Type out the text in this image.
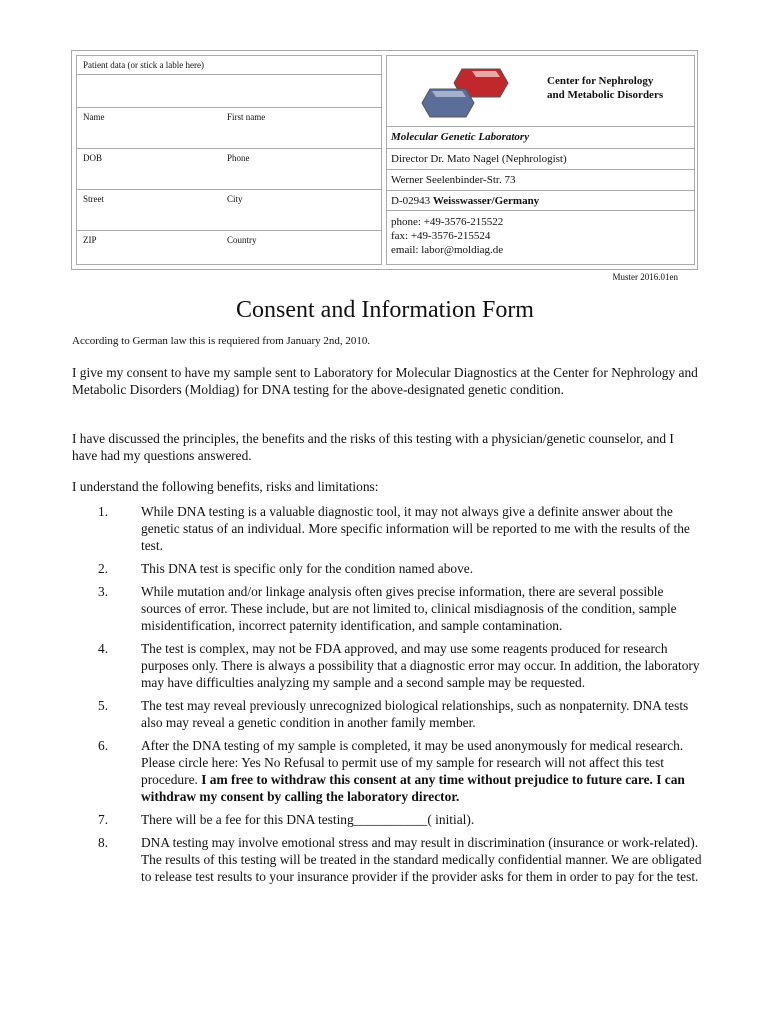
Patient data (or stick a lable here)
Name	First name
DOB	Phone
Street	City
ZIP	Country
Center for Nephrology
and Metabolic Disorders
Molecular Genetic Laboratory
Director Dr. Mato Nagel (Nephrologist)
Werner Seelenbinder-Str. 73
D-02943 Weisswasser/Germany
phone: +49-3576-215522
fax: +49-3576-215524
email: labor@moldiag.de
Muster 2016.01en
Consent and Information Form
According to German law this is requiered from January 2nd, 2010.
I give my consent to have my sample sent to Laboratory for Molecular Diagnostics at the Center for Nephrology and Metabolic Disorders (Moldiag) for DNA testing for the above-designated genetic condition.
I have discussed the principles, the benefits and the risks of this testing with a physician/genetic counselor, and I have had my questions answered.
I understand the following benefits, risks and limitations:
1. While DNA testing is a valuable diagnostic tool, it may not always give a definite answer about the genetic status of an individual. More specific information will be reported to me with the results of the test.
2. This DNA test is specific only for the condition named above.
3. While mutation and/or linkage analysis often gives precise information, there are several possible sources of error. These include, but are not limited to, clinical misdiagnosis of the condition, sample misidentification, incorrect paternity identification, and sample contamination.
4. The test is complex, may not be FDA approved, and may use some reagents produced for research purposes only. There is always a possibility that a diagnostic error may occur. In addition, the laboratory may have difficulties analyzing my sample and a second sample may be requested.
5. The test may reveal previously unrecognized biological relationships, such as nonpaternity. DNA tests also may reveal a genetic condition in another family member.
6. After the DNA testing of my sample is completed, it may be used anonymously for medical research. Please circle here: Yes No Refusal to permit use of my sample for research will not affect this test procedure. I am free to withdraw this consent at any time without prejudice to future care. I can withdraw my consent by calling the laboratory director.
7. There will be a fee for this DNA testing___________( initial).
8. DNA testing may involve emotional stress and may result in discrimination (insurance or work-related). The results of this testing will be treated in the standard medically confidential manner. We are obligated to release test results to your insurance provider if the provider asks for them in order to pay for the test.
